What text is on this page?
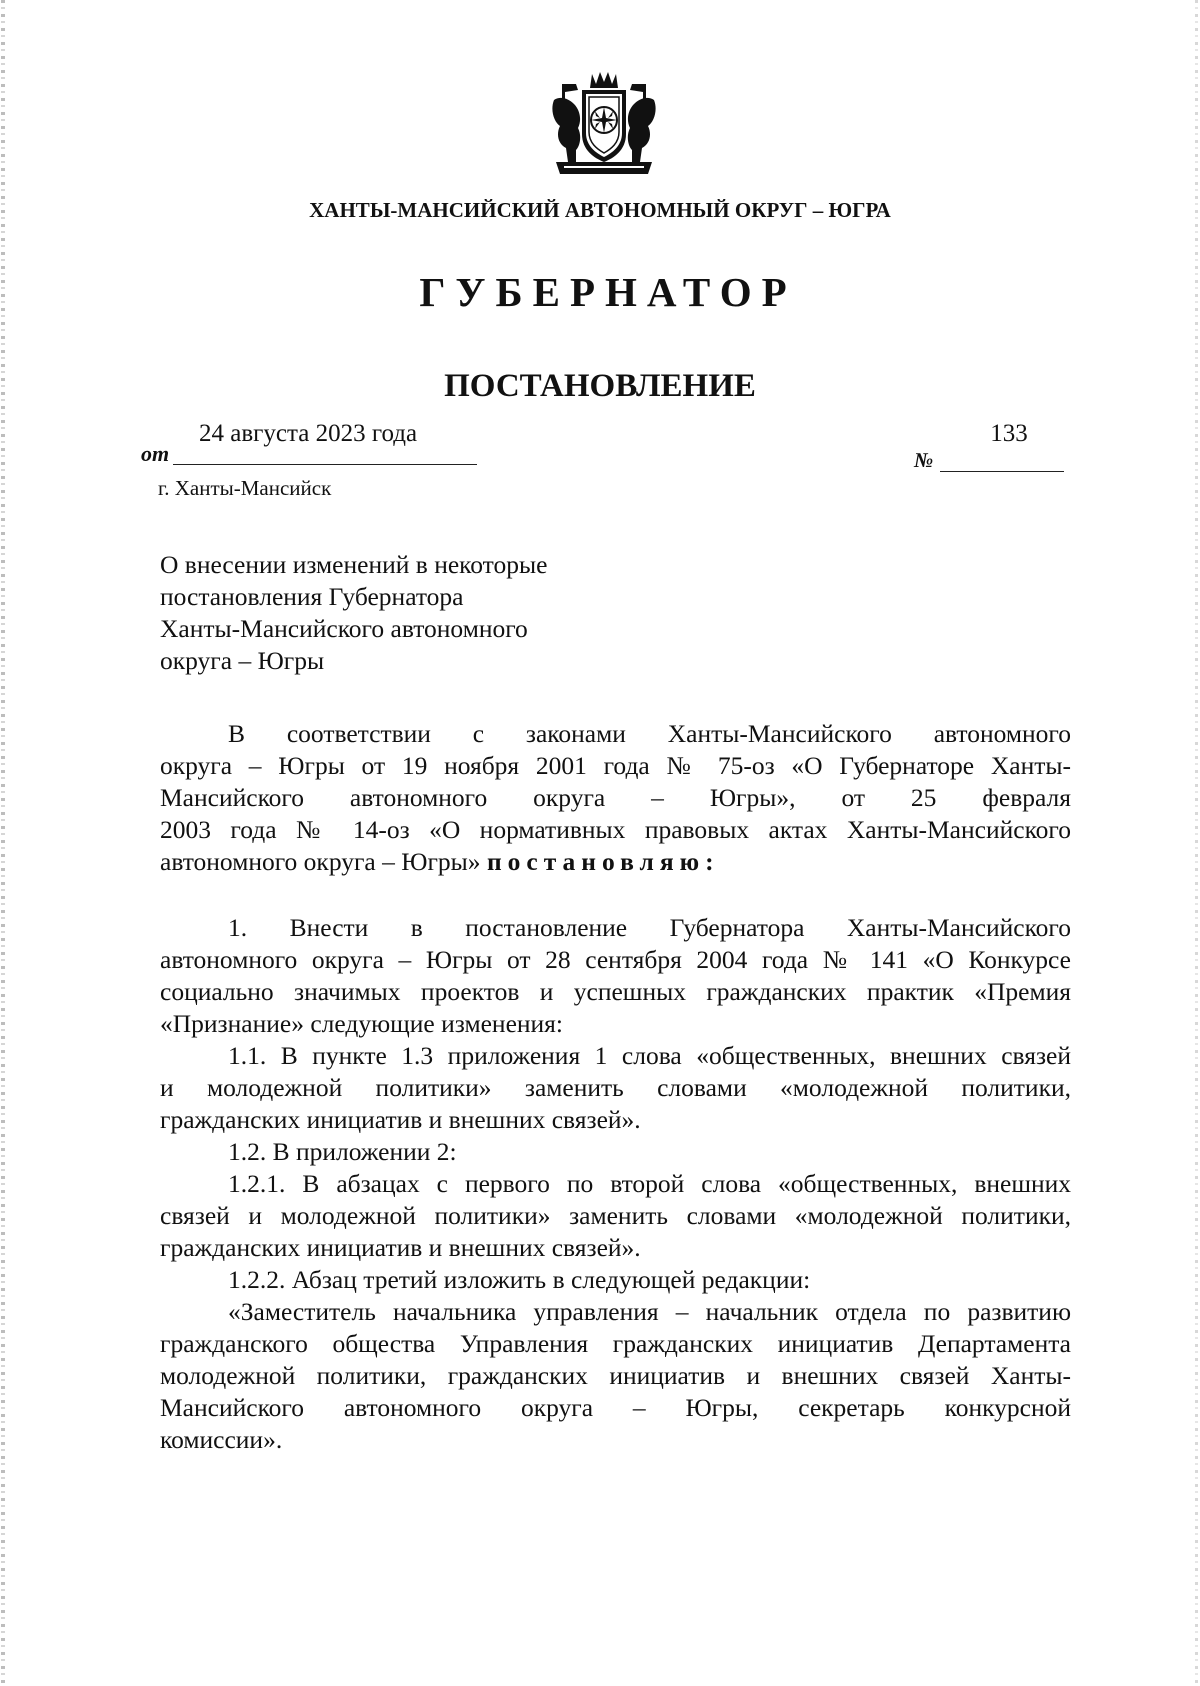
ХАНТЫ-МАНСИЙСКИЙ АВТОНОМНЫЙ ОКРУГ – ЮГРА
ГУБЕРНАТОР
ПОСТАНОВЛЕНИЕ
от
24 августа 2023 года
№
133
г. Ханты-Мансийск
О внесении изменений в некоторые
постановления Губернатора
Ханты-Мансийского автономного
округа – Югры
В соответствии с законами Ханты-Мансийского автономного
округа – Югры от 19 ноября 2001 года № 75-оз «О Губернаторе Ханты-
Мансийского автономного округа – Югры», от 25 февраля
2003 года № 14-оз «О нормативных правовых актах Ханты-Мансийского
автономного округа – Югры» постановляю:
1. Внести в постановление Губернатора Ханты-Мансийского
автономного округа – Югры от 28 сентября 2004 года № 141 «О Конкурсе
социально значимых проектов и успешных гражданских практик «Премия
«Признание» следующие изменения:
1.1. В пункте 1.3 приложения 1 слова «общественных, внешних связей
и молодежной политики» заменить словами «молодежной политики,
гражданских инициатив и внешних связей».
1.2. В приложении 2:
1.2.1. В абзацах с первого по второй слова «общественных, внешних
связей и молодежной политики» заменить словами «молодежной политики,
гражданских инициатив и внешних связей».
1.2.2. Абзац третий изложить в следующей редакции:
«Заместитель начальника управления – начальник отдела по развитию
гражданского общества Управления гражданских инициатив Департамента
молодежной политики, гражданских инициатив и внешних связей Ханты-
Мансийского автономного округа – Югры, секретарь конкурсной
комиссии».
